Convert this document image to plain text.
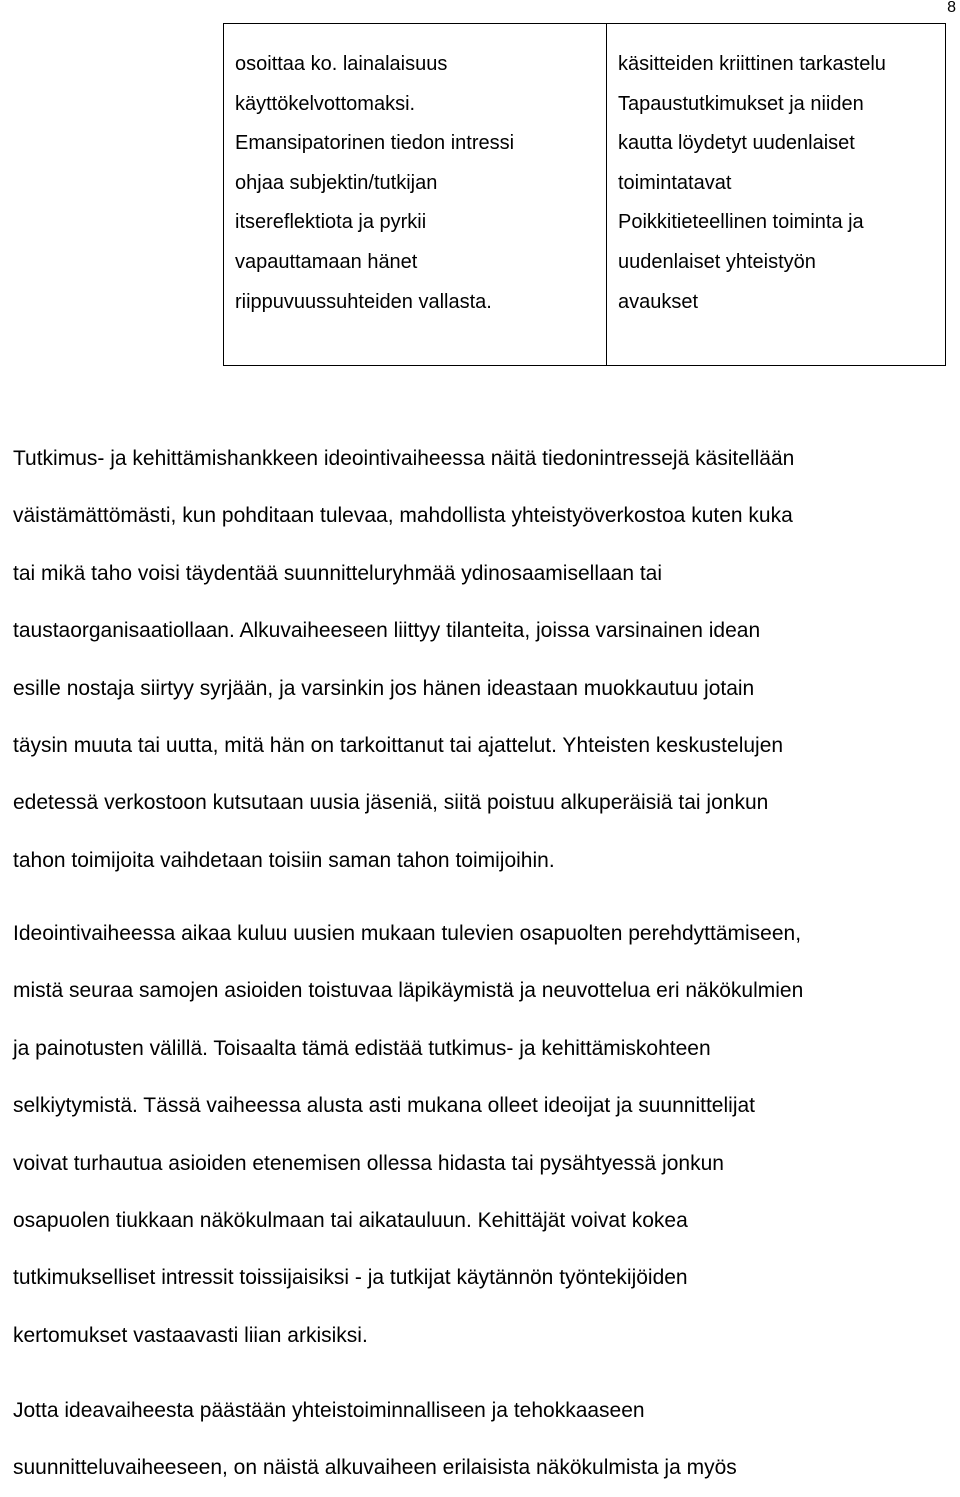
8
osoittaa ko. lainalaisuus
käyttökelvottomaksi.
Emansipatorinen tiedon intressi
ohjaa subjektin/tutkijan
itsereflektiota ja pyrkii
vapauttamaan hänet
riippuvuussuhteiden vallasta.
käsitteiden kriittinen tarkastelu
Tapaustutkimukset ja niiden
kautta löydetyt uudenlaiset
toimintatavat
Poikkitieteellinen toiminta ja
uudenlaiset yhteistyön
avaukset
Tutkimus- ja kehittämishankkeen ideointivaiheessa näitä tiedonintressejä käsitellään
väistämättömästi, kun pohditaan tulevaa, mahdollista yhteistyöverkostoa kuten kuka
tai mikä taho voisi täydentää suunnitteluryhmää ydinosaamisellaan tai
taustaorganisaatiollaan. Alkuvaiheeseen liittyy tilanteita, joissa varsinainen idean
esille nostaja siirtyy syrjään, ja varsinkin jos hänen ideastaan muokkautuu jotain
täysin muuta tai uutta, mitä hän on tarkoittanut tai ajattelut. Yhteisten keskustelujen
edetessä verkostoon kutsutaan uusia jäseniä, siitä poistuu alkuperäisiä tai jonkun
tahon toimijoita vaihdetaan toisiin saman tahon toimijoihin.
Ideointivaiheessa aikaa kuluu uusien mukaan tulevien osapuolten perehdyttämiseen,
mistä seuraa samojen asioiden toistuvaa läpikäymistä ja neuvottelua eri näkökulmien
ja painotusten välillä. Toisaalta tämä edistää tutkimus- ja kehittämiskohteen
selkiytymistä. Tässä vaiheessa alusta asti mukana olleet ideoijat ja suunnittelijat
voivat turhautua asioiden etenemisen ollessa hidasta tai pysähtyessä jonkun
osapuolen tiukkaan näkökulmaan tai aikatauluun. Kehittäjät voivat kokea
tutkimukselliset intressit toissijaisiksi - ja tutkijat käytännön työntekijöiden
kertomukset vastaavasti liian arkisiksi.
Jotta ideavaiheesta päästään yhteistoiminnalliseen ja tehokkaaseen
suunnitteluvaiheeseen, on näistä alkuvaiheen erilaisista näkökulmista ja myös
